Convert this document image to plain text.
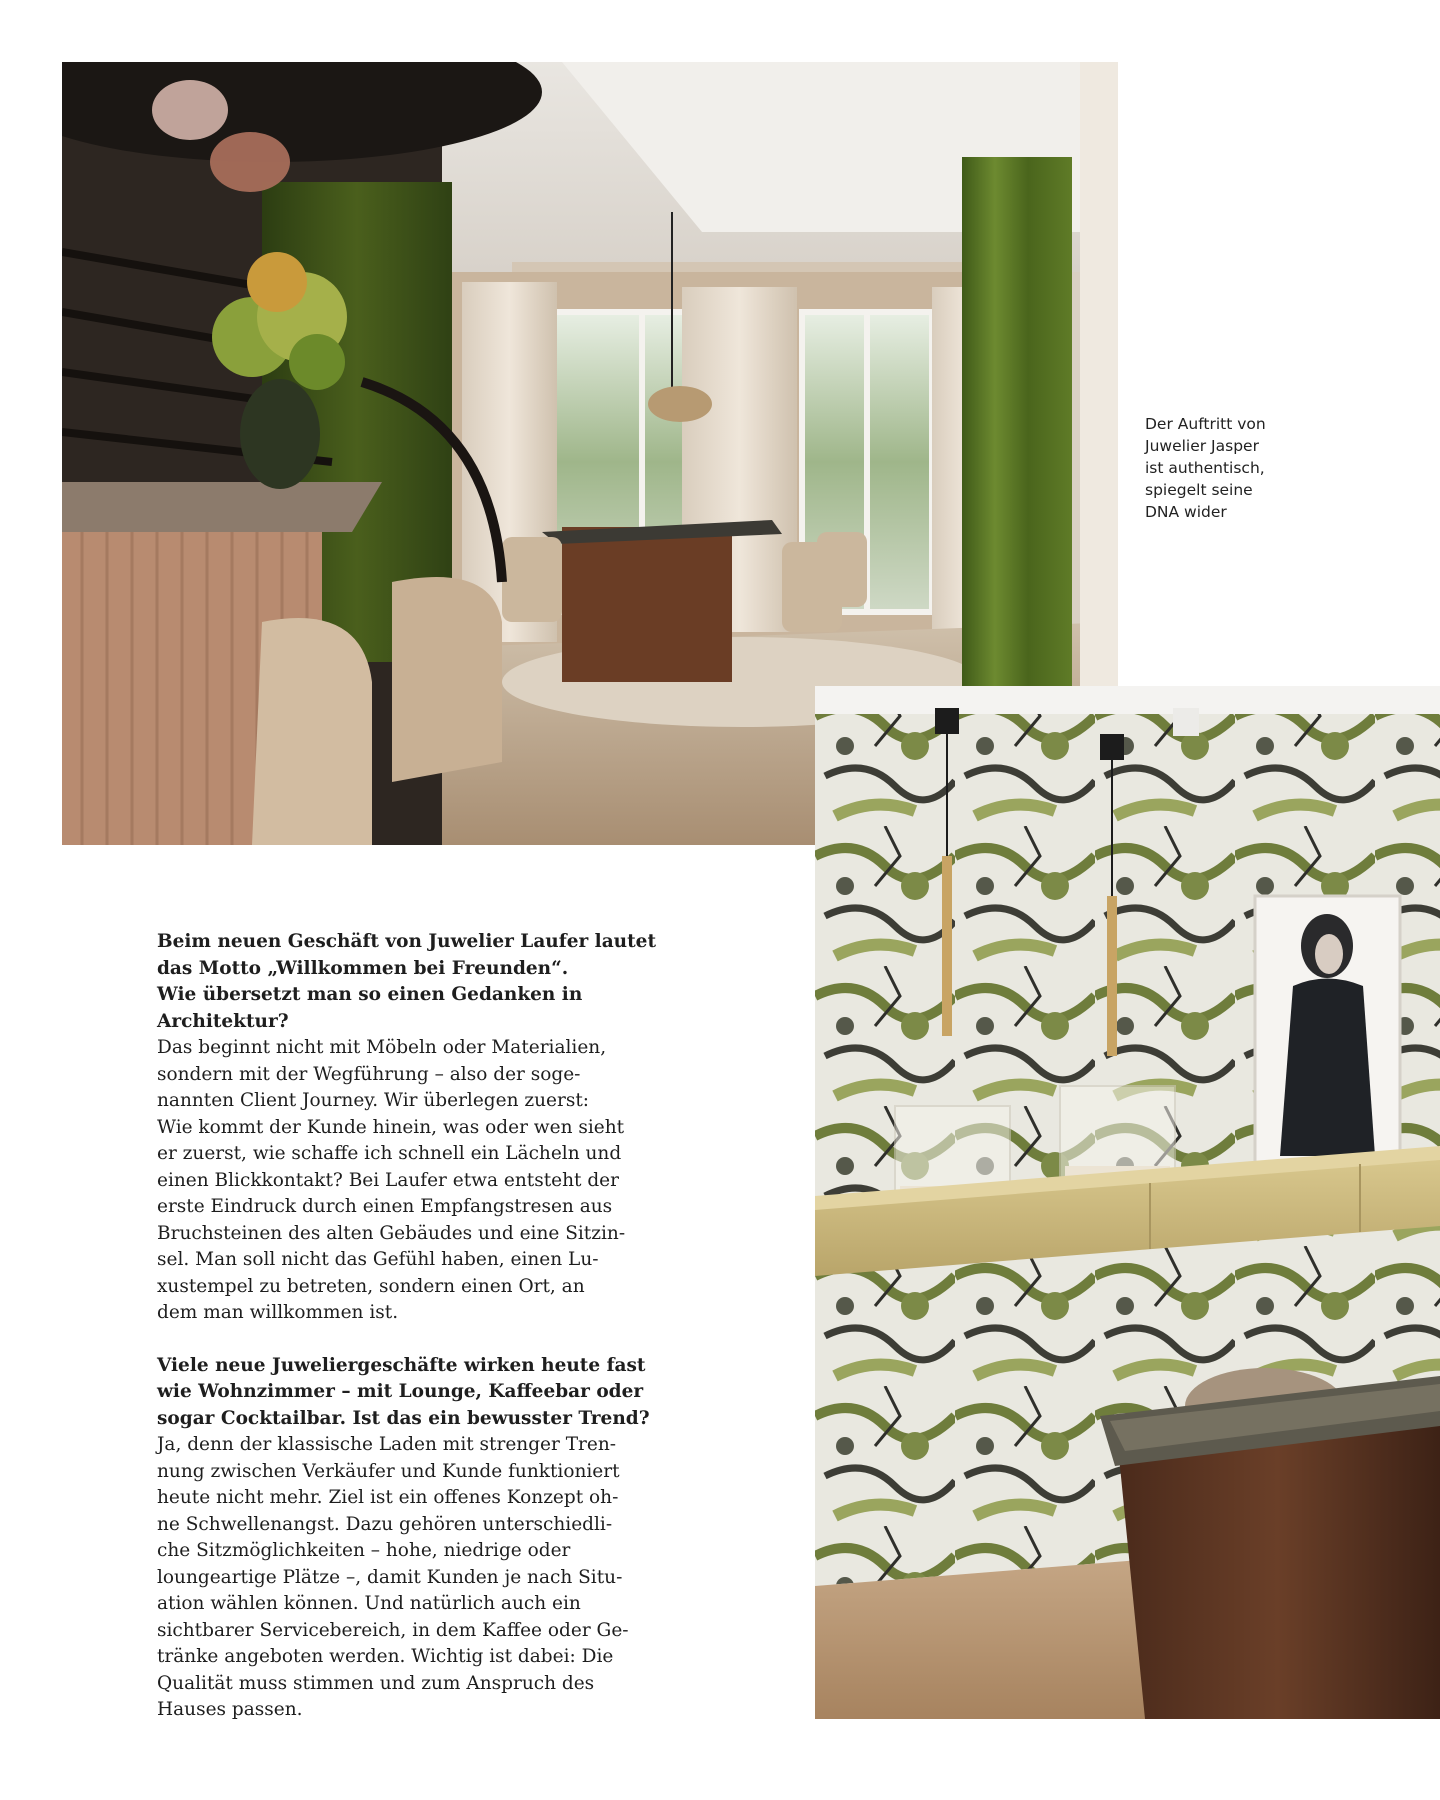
Der Auftritt von
Juwelier Jasper
ist authentisch,
spiegelt seine
DNA wider
Beim neuen Geschäft von Juwelier Laufer lautet
das Motto „Willkommen bei Freunden“.
Wie übersetzt man so einen Gedanken in
Architektur?
Das beginnt nicht mit Möbeln oder Materialien,
sondern mit der Wegführung – also der soge-
nannten Client Journey. Wir überlegen zuerst:
Wie kommt der Kunde hinein, was oder wen sieht
er zuerst, wie schaffe ich schnell ein Lächeln und
einen Blickkontakt? Bei Laufer etwa entsteht der
erste Eindruck durch einen Empfangstresen aus
Bruchsteinen des alten Gebäudes und eine Sitzin-
sel. Man soll nicht das Gefühl haben, einen Lu-
xustempel zu betreten, sondern einen Ort, an
dem man willkommen ist.
Viele neue Juweliergeschäfte wirken heute fast
wie Wohnzimmer – mit Lounge, Kaffeebar oder
sogar Cocktailbar. Ist das ein bewusster Trend?
Ja, denn der klassische Laden mit strenger Tren-
nung zwischen Verkäufer und Kunde funktioniert
heute nicht mehr. Ziel ist ein offenes Konzept oh-
ne Schwellenangst. Dazu gehören unterschiedli-
che Sitzmöglichkeiten – hohe, niedrige oder
loungeartige Plätze –, damit Kunden je nach Situ-
ation wählen können. Und natürlich auch ein
sichtbarer Servicebereich, in dem Kaffee oder Ge-
tränke angeboten werden. Wichtig ist dabei: Die
Qualität muss stimmen und zum Anspruch des
Hauses passen.
